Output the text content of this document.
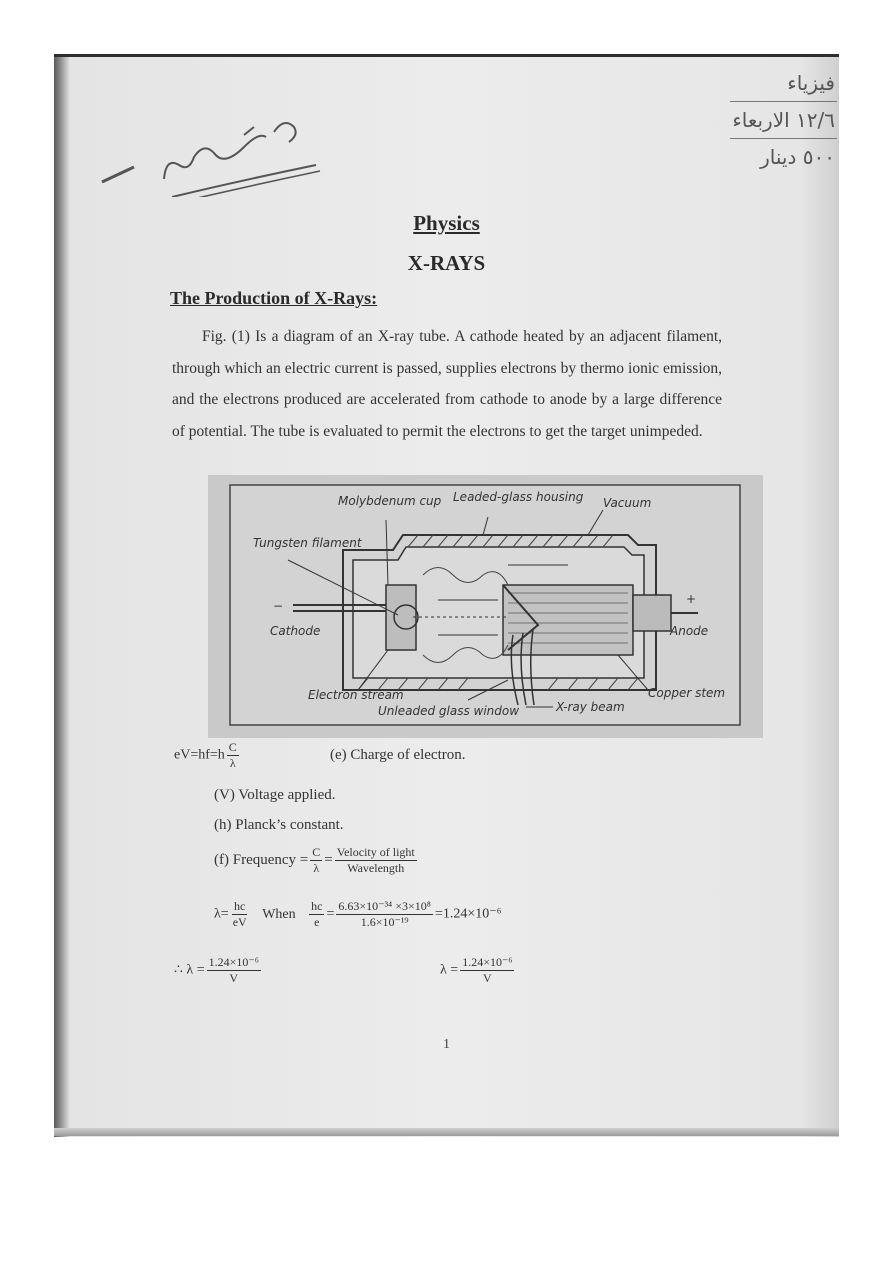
فيزياء
١٢/٦ الاربعاء
٥٠٠ دينار
Physics
X-RAYS
The Production of X-Rays:
Fig. (1) Is a diagram of an X-ray tube. A cathode heated by an adjacent filament, through which an electric current is passed, supplies electrons by thermo ionic emission, and the electrons produced are accelerated from cathode to anode by a large difference of potential. The tube is evaluated to permit the electrons to get the target unimpeded.
Molybdenum cup Leaded-glass housing Vacuum
Tungsten filament
Cathode	Anode
−	+
Electron stream
Unleaded glass window	X-ray beam
Copper stem
$eV=hf=h \frac{C}{\lambda}$	(e) Charge of electron.
(V) Voltage applied.
(h) Planck’s constant.
(f) Frequency = $\frac{C}{\lambda} = \frac{\text{Velocity of light}}{\text{Wavelength}}$
$\lambda= \frac{hc}{eV}$ When $\frac{hc}{e} = \frac{\text{6.63×10⁻³⁴ ×3×10⁸}}{\text{1.6×10⁻¹⁹}} =1.24\times 10^{-6}$
∴ $\lambda = \frac{\text{1.24×10⁻⁶}}{V}$	$\lambda = \frac{\text{1.24×10⁻⁶}}{V}$
1
